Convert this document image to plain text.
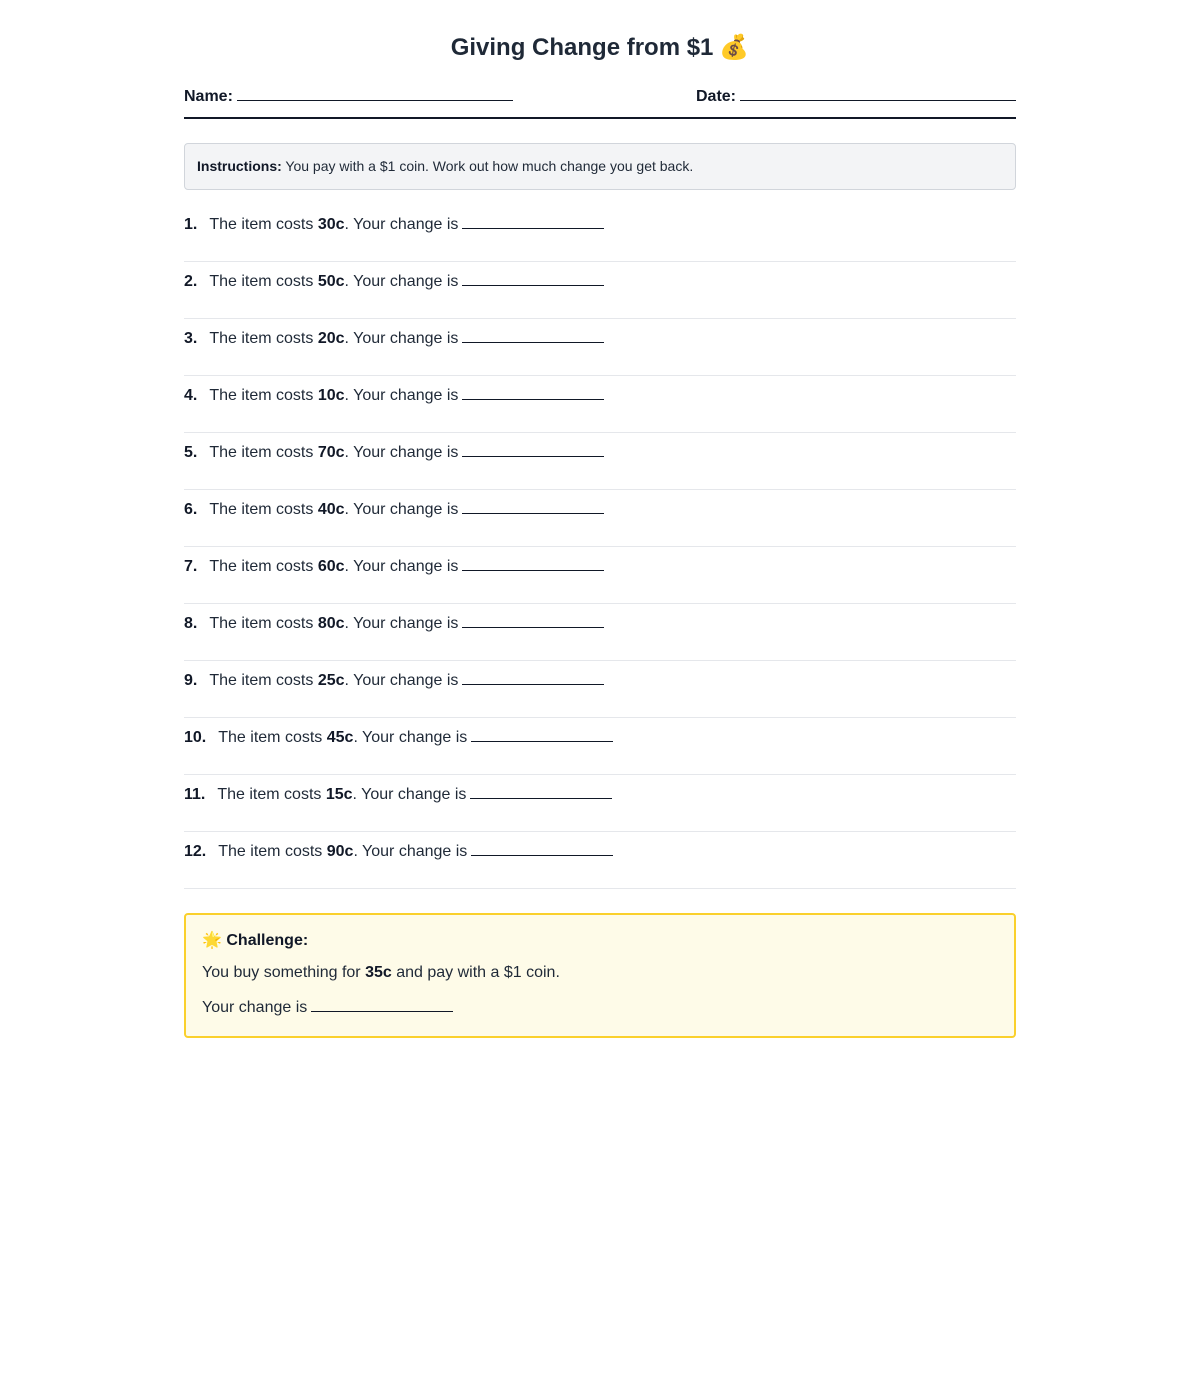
Giving Change from $1 💰
Name:	Date:
Instructions: You pay with a $1 coin. Work out how much change you get back.
1. The item costs 30c. Your change is
2. The item costs 50c. Your change is
3. The item costs 20c. Your change is
4. The item costs 10c. Your change is
5. The item costs 70c. Your change is
6. The item costs 40c. Your change is
7. The item costs 60c. Your change is
8. The item costs 80c. Your change is
9. The item costs 25c. Your change is
10. The item costs 45c. Your change is
11. The item costs 15c. Your change is
12. The item costs 90c. Your change is
🌟 Challenge:
You buy something for 35c and pay with a $1 coin.
Your change is
